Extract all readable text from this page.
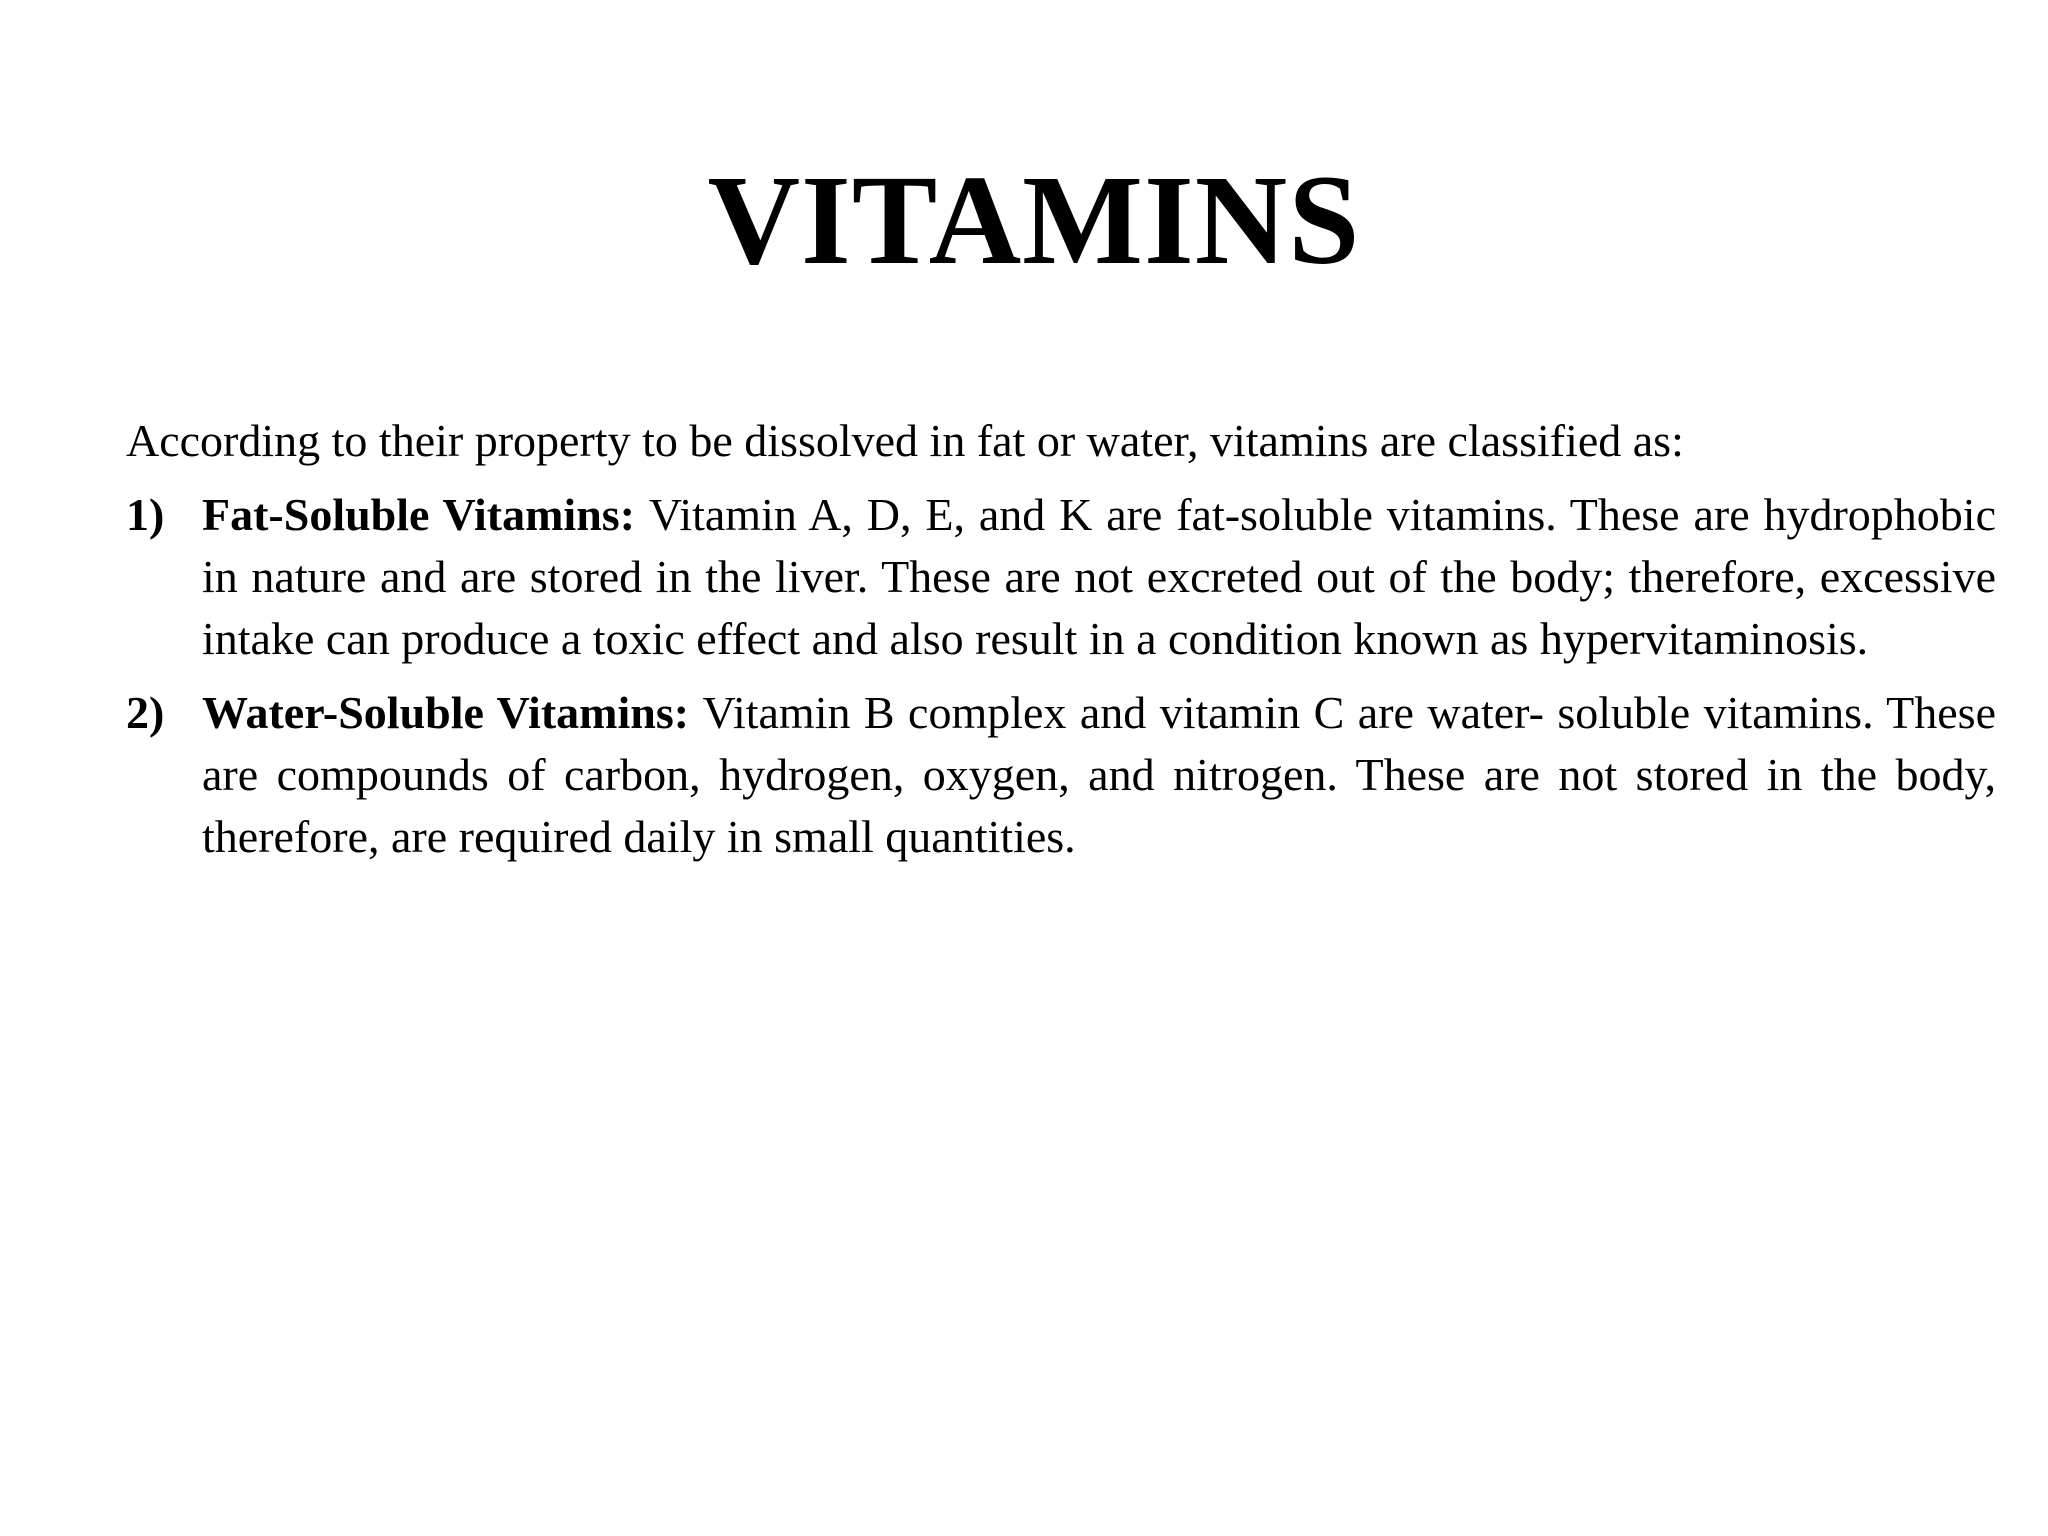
VITAMINS

According to their property to be dissolved in fat or water, vitamins are classified as:

1) Fat-Soluble Vitamins: Vitamin A, D, E, and K are fat-soluble vitamins. These are hydrophobic in nature and are stored in the liver. These are not excreted out of the body; therefore, excessive intake can produce a toxic effect and also result in a condition known as hypervitaminosis.
2) Water-Soluble Vitamins: Vitamin B complex and vitamin C are water- soluble vitamins. These are compounds of carbon, hydrogen, oxygen, and nitrogen. These are not stored in the body, therefore, are required daily in small quantities.
